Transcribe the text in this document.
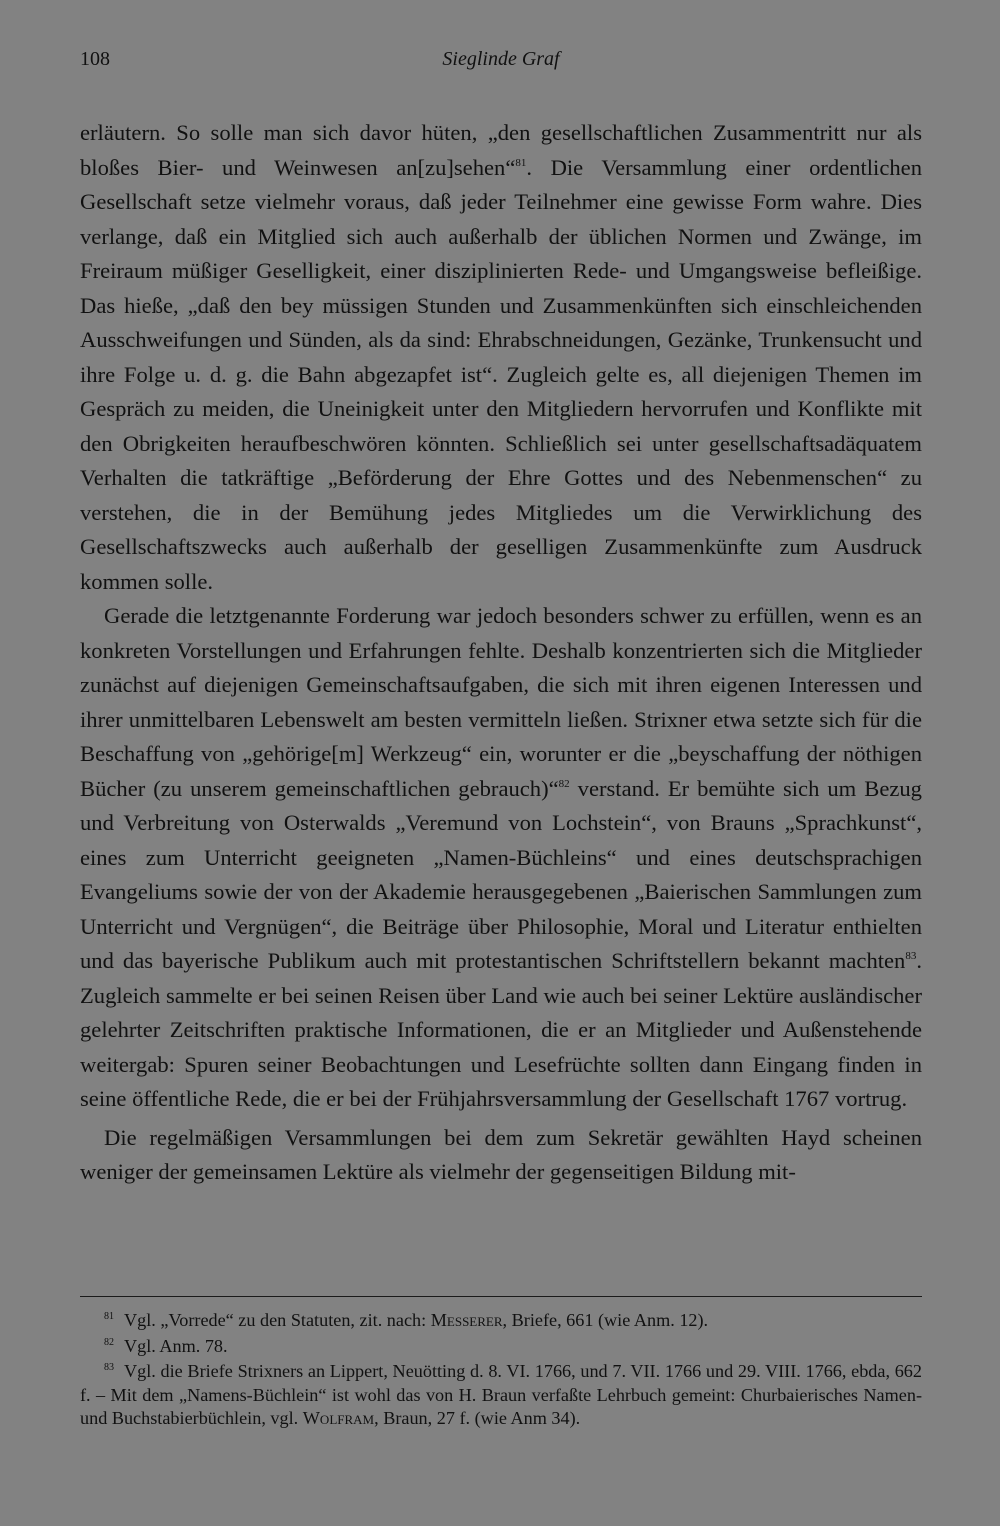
108	Sieglinde Graf

erläutern. So solle man sich davor hüten, „den gesellschaftlichen Zusammentritt nur als bloßes Bier- und Weinwesen an[zu]sehen“$^{81}$. Die Versammlung einer ordentlichen Gesellschaft setze vielmehr voraus, daß jeder Teilnehmer eine gewisse Form wahre. Dies verlange, daß ein Mitglied sich auch außerhalb der üblichen Normen und Zwänge, im Freiraum müßiger Geselligkeit, einer disziplinierten Rede- und Umgangsweise befleißige. Das hieße, „daß den bey müssigen Stunden und Zusammenkünften sich einschleichenden Ausschweifungen und Sünden, als da sind: Ehrabschneidungen, Gezänke, Trunkensucht und ihre Folge u. d. g. die Bahn abgezapfet ist“. Zugleich gelte es, all diejenigen Themen im Gespräch zu meiden, die Uneinigkeit unter den Mitgliedern hervorrufen und Konflikte mit den Obrigkeiten heraufbeschwören könnten. Schließlich sei unter gesellschaftsadäquatem Verhalten die tatkräftige „Beförderung der Ehre Gottes und des Nebenmenschen“ zu verstehen, die in der Bemühung jedes Mitgliedes um die Verwirklichung des Gesellschaftszwecks auch außerhalb der geselligen Zusammenkünfte zum Ausdruck kommen solle.

Gerade die letztgenannte Forderung war jedoch besonders schwer zu erfüllen, wenn es an konkreten Vorstellungen und Erfahrungen fehlte. Deshalb konzentrierten sich die Mitglieder zunächst auf diejenigen Gemeinschaftsaufgaben, die sich mit ihren eigenen Interessen und ihrer unmittelbaren Lebenswelt am besten vermitteln ließen. Strixner etwa setzte sich für die Beschaffung von „gehörige[m] Werkzeug“ ein, worunter er die „beyschaffung der nöthigen Bücher (zu unserem gemeinschaftlichen gebrauch)“$^{82}$ verstand. Er bemühte sich um Bezug und Verbreitung von Osterwalds „Veremund von Lochstein“, von Brauns „Sprachkunst“, eines zum Unterricht geeigneten „Namen-Büchleins“ und eines deutschsprachigen Evangeliums sowie der von der Akademie herausgegebenen „Baierischen Sammlungen zum Unterricht und Vergnügen“, die Beiträge über Philosophie, Moral und Literatur enthielten und das bayerische Publikum auch mit protestantischen Schriftstellern bekannt machten$^{83}$. Zugleich sammelte er bei seinen Reisen über Land wie auch bei seiner Lektüre ausländischer gelehrter Zeitschriften praktische Informationen, die er an Mitglieder und Außenstehende weitergab: Spuren seiner Beobachtungen und Lesefrüchte sollten dann Eingang finden in seine öffentliche Rede, die er bei der Frühjahrsversammlung der Gesellschaft 1767 vortrug.

Die regelmäßigen Versammlungen bei dem zum Sekretär gewählten Hayd scheinen weniger der gemeinsamen Lektüre als vielmehr der gegenseitigen Bildung mit-

$^{81}$ Vgl. „Vorrede“ zu den Statuten, zit. nach: Messerer, Briefe, 661 (wie Anm. 12).

$^{82}$ Vgl. Anm. 78.

$^{83}$ Vgl. die Briefe Strixners an Lippert, Neuötting d. 8. VI. 1766, und 7. VII. 1766 und 29. VIII. 1766, ebda, 662 f. – Mit dem „Namens-Büchlein“ ist wohl das von H. Braun verfaßte Lehrbuch gemeint: Churbaierisches Namen- und Buchstabierbüchlein, vgl. Wolfram, Braun, 27 f. (wie Anm 34).
